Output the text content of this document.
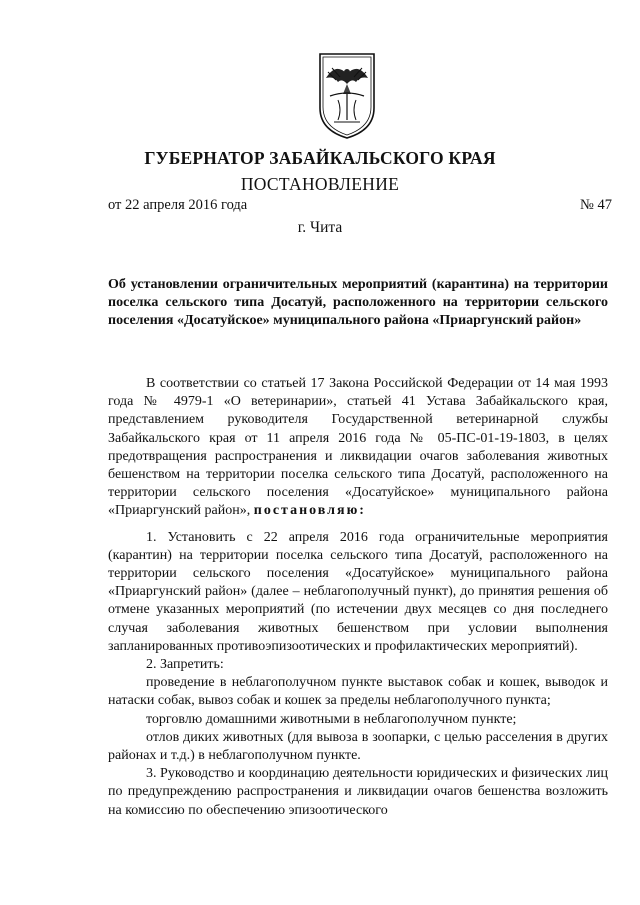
ГУБЕРНАТОР ЗАБАЙКАЛЬСКОГО КРАЯ
ПОСТАНОВЛЕНИЕ
от 22 апреля 2016 года	№ 47
г. Чита
Об установлении ограничительных мероприятий (карантина) на территории поселка сельского типа Досатуй, расположенного на территории сельского поселения «Досатуйское» муниципального района «Приаргунский район»

В соответствии со статьей 17 Закона Российской Федерации от 14 мая 1993 года № 4979-1 «О ветеринарии», статьей 41 Устава Забайкальского края, представлением руководителя Государственной ветеринарной службы Забайкальского края от 11 апреля 2016 года № 05-ПС-01-19-1803, в целях предотвращения распространения и ликвидации очагов заболевания животных бешенством на территории поселка сельского типа Досатуй, расположенного на территории сельского поселения «Досатуйское» муниципального района «Приаргунский район», постановляю:

1. Установить с 22 апреля 2016 года ограничительные мероприятия (карантин) на территории поселка сельского типа Досатуй, расположенного на территории сельского поселения «Досатуйское» муниципального района «Приаргунский район» (далее – неблагополучный пункт), до принятия решения об отмене указанных мероприятий (по истечении двух месяцев со дня последнего случая заболевания животных бешенством при условии выполнения запланированных противоэпизоотических и профилактических мероприятий).

2. Запретить:

проведение в неблагополучном пункте выставок собак и кошек, выводок и натаски собак, вывоз собак и кошек за пределы неблагополучного пункта;

торговлю домашними животными в неблагополучном пункте;

отлов диких животных (для вывоза в зоопарки, с целью расселения в других районах и т.д.) в неблагополучном пункте.

3. Руководство и координацию деятельности юридических и физических лиц по предупреждению распространения и ликвидации очагов бешенства возложить на комиссию по обеспечению эпизоотического
